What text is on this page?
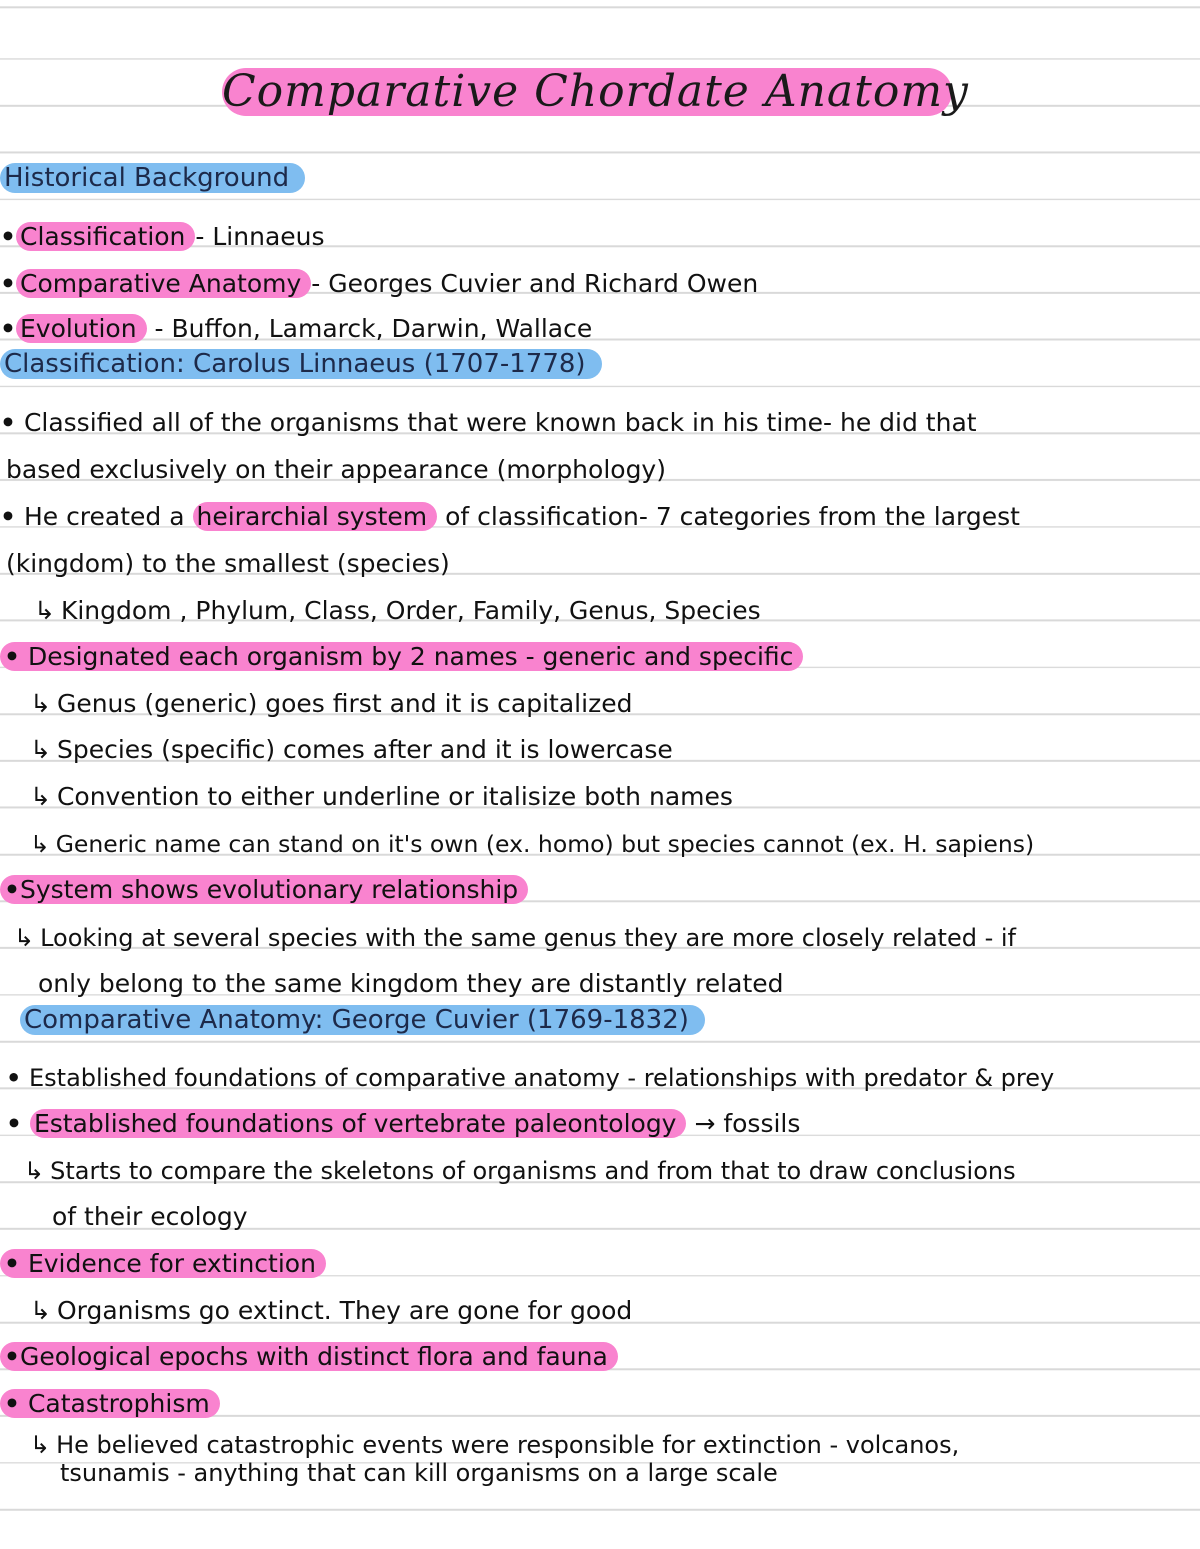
Comparative Chordate Anatomy
Historical Background
• Classification - Linnaeus
• Comparative Anatomy - Georges Cuvier and Richard Owen
• Evolution - Buffon, Lamarck, Darwin, Wallace
Classification: Carolus Linnaeus (1707-1778)
• Classified all of the organisms that were known back in his time- he did that
based exclusively on their appearance (morphology)
• He created a heirarchial system of classification- 7 categories from the largest
(kingdom) to the smallest (species)
↳ Kingdom , Phylum, Class, Order, Family, Genus, Species
• Designated each organism by 2 names - generic and specific
↳ Genus (generic) goes first and it is capitalized
↳ Species (specific) comes after and it is lowercase
↳ Convention to either underline or italisize both names
↳ Generic name can stand on it's own (ex. homo) but species cannot (ex. H. sapiens)
•System shows evolutionary relationship
↳ Looking at several species with the same genus they are more closely related - if
only belong to the same kingdom they are distantly related
Comparative Anatomy: George Cuvier (1769-1832)
• Established foundations of comparative anatomy - relationships with predator & prey
• Established foundations of vertebrate paleontology → fossils
↳ Starts to compare the skeletons of organisms and from that to draw conclusions
of their ecology
• Evidence for extinction
↳ Organisms go extinct. They are gone for good
•Geological epochs with distinct flora and fauna
• Catastrophism
↳ He believed catastrophic events were responsible for extinction - volcanos,
tsunamis - anything that can kill organisms on a large scale
